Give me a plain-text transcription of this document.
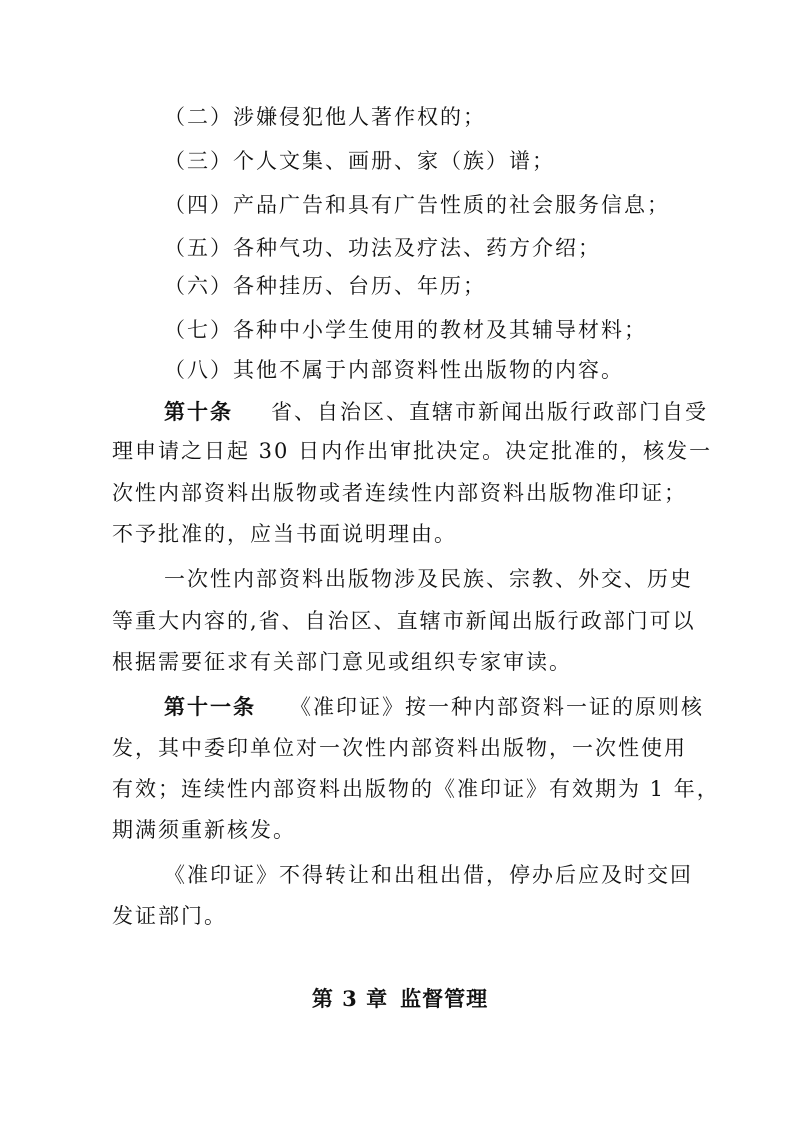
（二）涉嫌侵犯他人著作权的；

（三）个人文集、画册、家（族）谱；

（四）产品广告和具有广告性质的社会服务信息；

（五）各种气功、功法及疗法、药方介绍；

（六）各种挂历、台历、年历；

（七）各种中小学生使用的教材及其辅导材料；

（八）其他不属于内部资料性出版物的内容。

第十条 省、自治区、直辖市新闻出版行政部门自受

理申请之日起 30 日内作出审批决定。决定批准的，核发一

次性内部资料出版物或者连续性内部资料出版物准印证；

不予批准的，应当书面说明理由。

一次性内部资料出版物涉及民族、宗教、外交、历史

等重大内容的,省、自治区、直辖市新闻出版行政部门可以

根据需要征求有关部门意见或组织专家审读。

第十一条 《准印证》按一种内部资料一证的原则核

发，其中委印单位对一次性内部资料出版物，一次性使用

有效；连续性内部资料出版物的《准印证》有效期为 1 年，

期满须重新核发。

《准印证》不得转让和出租出借，停办后应及时交回

发证部门。

第 3 章 监督管理
